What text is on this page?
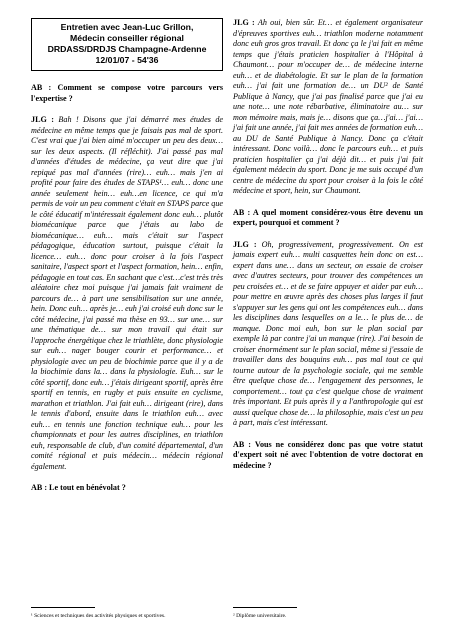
Entretien avec Jean-Luc Grillon,
Médecin conseiller régional
DRDASS/DRDJS Champagne-Ardenne
12/01/07 - 54'36

AB : Comment se compose votre parcours vers l'expertise ?

JLG : Bah ! Disons que j'ai démarré mes études de médecine en même temps que je faisais pas mal de sport. C'est vrai que j'ai bien aimé m'occuper un peu des deux…sur les deux aspects. (Il réfléchit). J'ai passé pas mal d'années d'études de médecine, ça veut dire que j'ai repiqué pas mal d'années (rire)… euh… mais j'en ai profité pour faire des études de STAPS¹… euh… donc une année seulement hein… euh…en licence, ce qui m'a permis de voir un peu comment c'était en STAPS parce que le côté éducatif m'intéressait également donc euh… plutôt biomécanique parce que j'étais au labo de biomécanique… euh… mais c'était sur l'aspect pédagogique, éducation surtout, puisque c'était la licence… euh… donc pour croiser à la fois l'aspect sanitaire, l'aspect sport et l'aspect formation, hein… enfin, pédagogie en tout cas. En sachant que c'est…c'est très très aléatoire chez moi puisque j'ai jamais fait vraiment de parcours de… à part une sensibilisation sur une année, hein. Donc euh… après je… euh j'ai croisé euh donc sur le côté médecine, j'ai passé ma thèse en 93… sur une… sur une thématique de… sur mon travail qui était sur l'approche énergétique chez le triathlète, donc physiologie sur euh… nager bouger courir et performance… et physiologie avec un peu de biochimie parce que il y a de la biochimie dans la… dans la physiologie. Euh… sur le côté sportif, donc euh… j'étais dirigeant sportif, après être sportif en tennis, en rugby et puis ensuite en cyclisme, marathon et triathlon. J'ai fait euh… dirigeant (rire), dans le tennis d'abord, ensuite dans le triathlon euh… avec euh… en tennis une fonction technique euh… pour les championnats et pour les autres disciplines, en triathlon euh, responsable de club, d'un comité départemental, d'un comité régional et puis médecin… médecin régional également.

AB : Le tout en bénévolat ?

JLG : Ah oui, bien sûr. Et… et également organisateur d'épreuves sportives euh… triathlon moderne notamment donc euh gros gros travail. Et donc ça le j'ai fait en même temps que j'étais praticien hospitalier à l'Hôpital à Chaumont… pour m'occuper de… de médecine interne euh… et de diabétologie. Et sur le plan de la formation euh… j'ai fait une formation de… un DU² de Santé Publique à Nancy, que j'ai pas finalisé parce que j'ai eu une note… une note rébarbative, éliminatoire au… sur mon mémoire mais, mais je… disons que ça…j'ai… j'ai… j'ai fait une année, j'ai fait mes années de formation euh… au DU de Santé Publique à Nancy. Donc ça c'était intéressant. Donc voilà… donc le parcours euh… et puis praticien hospitalier ça j'ai déjà dit… et puis j'ai fait également médecin du sport. Donc je me suis occupé d'un centre de médecine du sport pour croiser à la fois le côté médecine et sport, hein, sur Chaumont.

AB : A quel moment considérez-vous être devenu un expert, pourquoi et comment ?

JLG : Oh, progressivement, progressivement. On est jamais expert euh… multi casquettes hein donc on est… expert dans une… dans un secteur, on essaie de croiser avec d'autres secteurs, pour trouver des compétences un peu croisées et… et de se faire appuyer et aider par euh… pour mettre en œuvre après des choses plus larges il faut s'appuyer sur les gens qui ont les compétences euh… dans les disciplines dans lesquelles on a le… le plus de… de manque. Donc moi euh, bon sur le plan social par exemple là par contre j'ai un manque (rire). J'ai besoin de croiser énormément sur le plan social, même si j'essaie de travailler dans des bouquins euh… pas mal tout ce qui tourne autour de la psychologie sociale, qui me semble être quelque chose de… l'engagement des personnes, le comportement… tout ça c'est quelque chose de vraiment très important. Et puis après il y a l'anthropologie qui est aussi quelque chose de… la philosophie, mais c'est un peu à part, mais c'est intéressant.

AB : Vous ne considérez donc pas que votre statut d'expert soit né avec l'obtention de votre doctorat en médecine ?

¹ Sciences et techniques des activités physiques et sportives.	² Diplôme universitaire.
